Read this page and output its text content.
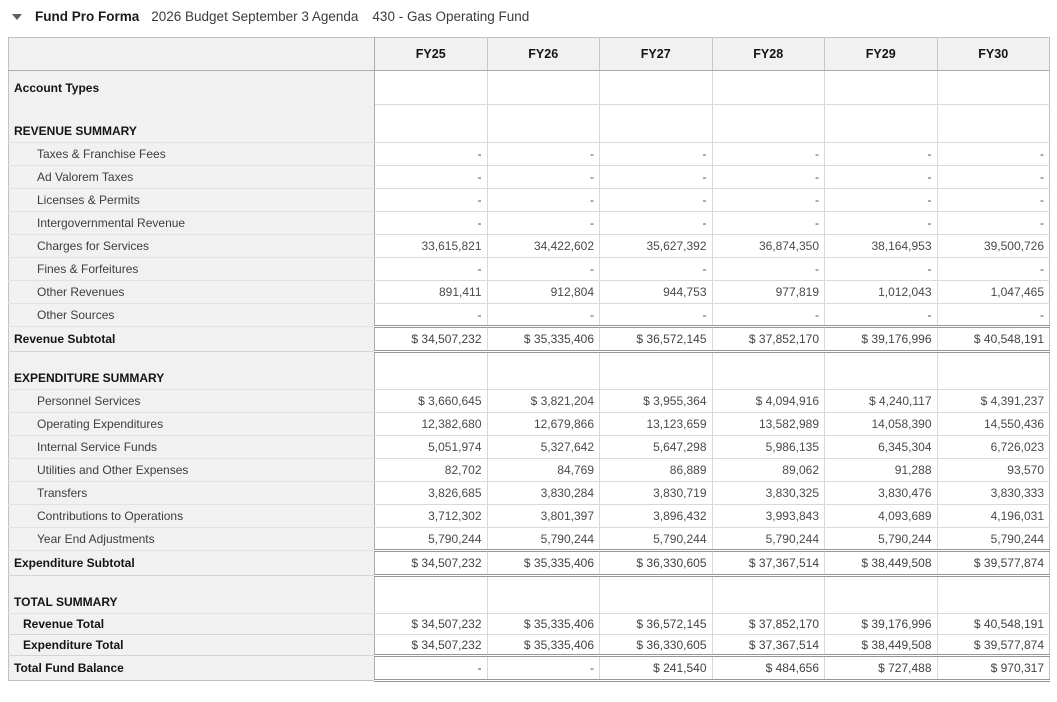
Fund Pro Forma 2026 Budget September 3 Agenda 430 - Gas Operating Fund
	FY25	FY26	FY27	FY28	FY29	FY30
Account Types						
REVENUE SUMMARY						
Taxes & Franchise Fees	-	-	-	-	-	-
Ad Valorem Taxes	-	-	-	-	-	-
Licenses & Permits	-	-	-	-	-	-
Intergovernmental Revenue	-	-	-	-	-	-
Charges for Services	33,615,821	34,422,602	35,627,392	36,874,350	38,164,953	39,500,726
Fines & Forfeitures	-	-	-	-	-	-
Other Revenues	891,411	912,804	944,753	977,819	1,012,043	1,047,465
Other Sources	-	-	-	-	-	-
Revenue Subtotal	$ 34,507,232	$ 35,335,406	$ 36,572,145	$ 37,852,170	$ 39,176,996	$ 40,548,191
EXPENDITURE SUMMARY						
Personnel Services	$ 3,660,645	$ 3,821,204	$ 3,955,364	$ 4,094,916	$ 4,240,117	$ 4,391,237
Operating Expenditures	12,382,680	12,679,866	13,123,659	13,582,989	14,058,390	14,550,436
Internal Service Funds	5,051,974	5,327,642	5,647,298	5,986,135	6,345,304	6,726,023
Utilities and Other Expenses	82,702	84,769	86,889	89,062	91,288	93,570
Transfers	3,826,685	3,830,284	3,830,719	3,830,325	3,830,476	3,830,333
Contributions to Operations	3,712,302	3,801,397	3,896,432	3,993,843	4,093,689	4,196,031
Year End Adjustments	5,790,244	5,790,244	5,790,244	5,790,244	5,790,244	5,790,244
Expenditure Subtotal	$ 34,507,232	$ 35,335,406	$ 36,330,605	$ 37,367,514	$ 38,449,508	$ 39,577,874
TOTAL SUMMARY						
Revenue Total	$ 34,507,232	$ 35,335,406	$ 36,572,145	$ 37,852,170	$ 39,176,996	$ 40,548,191
Expenditure Total	$ 34,507,232	$ 35,335,406	$ 36,330,605	$ 37,367,514	$ 38,449,508	$ 39,577,874
Total Fund Balance	-	-	$ 241,540	$ 484,656	$ 727,488	$ 970,317
